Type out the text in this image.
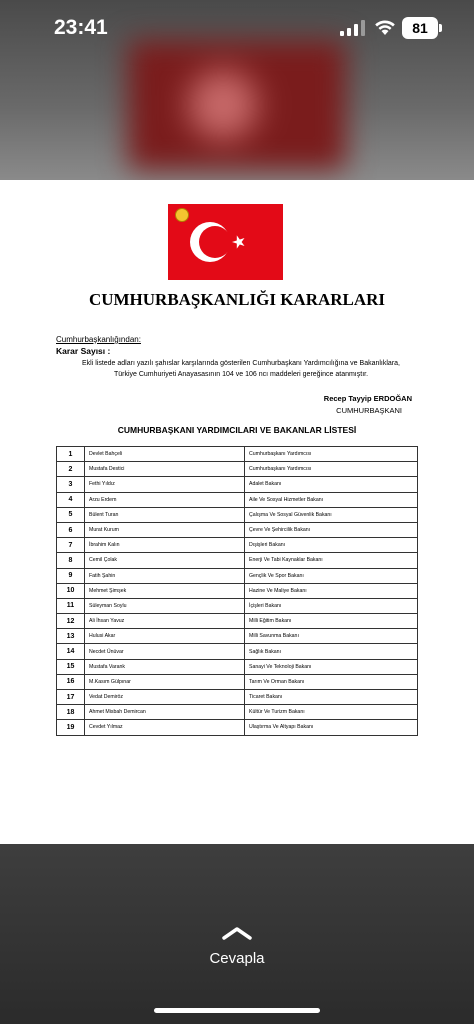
23:41	81
CUMHURBAŞKANLIĞI KARARLARI
Cumhurbaşkanlığından:
Karar Sayısı :
Ekli listede adları yazılı şahıslar karşılarında gösterilen Cumhurbaşkanı Yardımcılığına ve Bakanlıklara,
Türkiye Cumhuriyeti Anayasasının 104 ve 106 ncı maddeleri gereğince atanmıştır.
Recep Tayyip ERDOĞAN
CUMHURBAŞKANI
CUMHURBAŞKANI YARDIMCILARI VE BAKANLAR LİSTESİ
1	Devlet Bahçeli	Cumhurbaşkanı Yardımcısı
2	Mustafa Destici	Cumhurbaşkanı Yardımcısı
3	Fethi Yıldız	Adalet Bakanı
4	Arzu Erdem	Aile Ve Sosyal Hizmetler Bakanı
5	Bülent Turan	Çalışma Ve Sosyal Güvenlik Bakanı
6	Murat Kurum	Çevre Ve Şehircilik Bakanı
7	İbrahim Kalın	Dışişleri Bakanı
8	Cemil Çolak	Enerji Ve Tabi Kaynaklar Bakanı
9	Fatih Şahin	Gençlik Ve Spor Bakanı
10	Mehmet Şimşek	Hazine Ve Maliye Bakanı
11	Süleyman Soylu	İçişleri Bakanı
12	Ali İhsan Yavuz	Milli Eğitim Bakanı
13	Hulusi Akar	Milli Savunma Bakanı
14	Necdet Ünüvar	Sağlık Bakanı
15	Mustafa Varank	Sanayi Ve Teknoloji Bakanı
16	M.Kasım Gülpınar	Tarım Ve Orman Bakanı
17	Vedat Demiröz	Ticaret Bakanı
18	Ahmet Misbah Demircan	Kültür Ve Turizm Bakanı
19	Cevdet Yılmaz	Ulaştırma Ve Altyapı Bakanı
Cevapla
